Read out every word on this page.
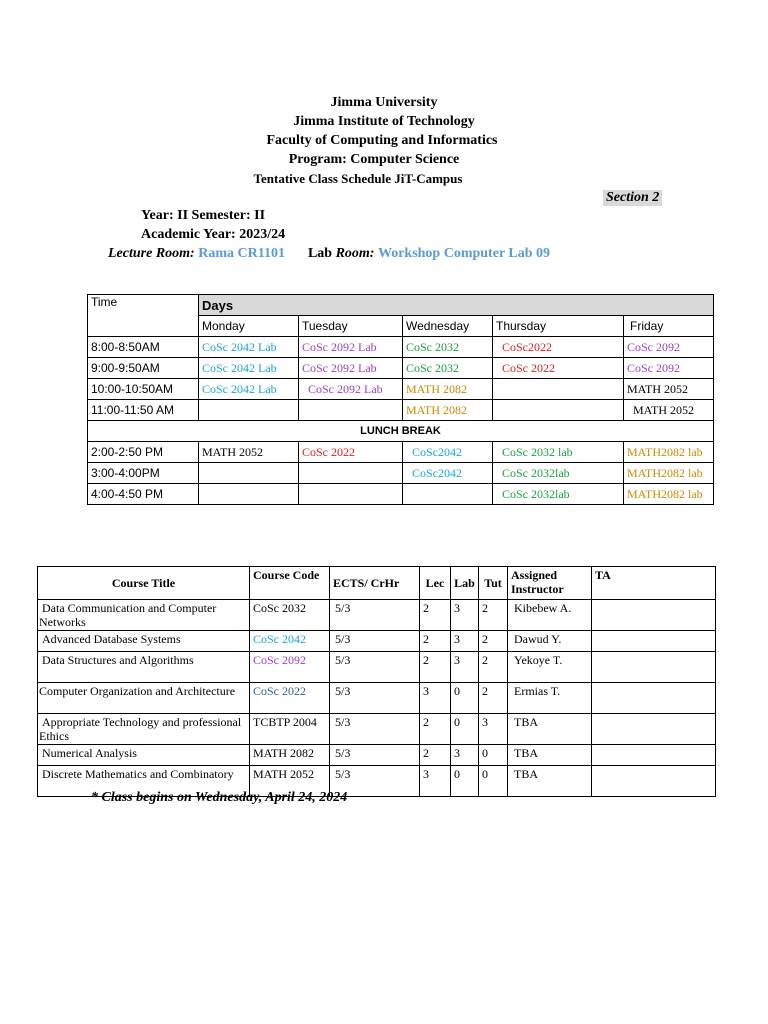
Jimma University
Jimma Institute of Technology
Faculty of Computing and Informatics
Program: Computer Science
Tentative Class Schedule JiT-Campus
Section 2
Year: II Semester: II
Academic Year: 2023/24
Lecture Room: Rama CR1101 Lab Room: Workshop Computer Lab 09
Time	Days				
	Monday	Tuesday	Wednesday	Thursday	Friday
8:00-8:50AM	CoSc 2042 Lab	CoSc 2092 Lab	CoSc 2032	CoSc2022	CoSc 2092
9:00-9:50AM	CoSc 2042 Lab	CoSc 2092 Lab	CoSc 2032	CoSc 2022	CoSc 2092
10:00-10:50AM	CoSc 2042 Lab	CoSc 2092 Lab	MATH 2082		MATH 2052
11:00-11:50 AM			MATH 2082		MATH 2052
LUNCH BREAK					
2:00-2:50 PM	MATH 2052	CoSc 2022	CoSc2042	CoSc 2032 lab	MATH2082 lab
3:00-4:00PM			CoSc2042	CoSc 2032lab	MATH2082 lab
4:00-4:50 PM				CoSc 2032lab	MATH2082 lab
Course Title	Course Code	ECTS/ CrHr	Lec	Lab	Tut	Assigned Instructor	TA
Data Communication and Computer Networks	CoSc 2032	5/3	2	3	2	Kibebew A.	
Advanced Database Systems	CoSc 2042	5/3	2	3	2	Dawud Y.	
Data Structures and Algorithms	CoSc 2092	5/3	2	3	2	Yekoye T.	
Computer Organization and Architecture	CoSc 2022	5/3	3	0	2	Ermias T.	
Appropriate Technology and professional Ethics	TCBTP 2004	5/3	2	0	3	TBA	
Numerical Analysis	MATH 2082	5/3	2	3	0	TBA	
Discrete Mathematics and Combinatory	MATH 2052	5/3	3	0	0	TBA	
* Class begins on Wednesday, April 24, 2024
